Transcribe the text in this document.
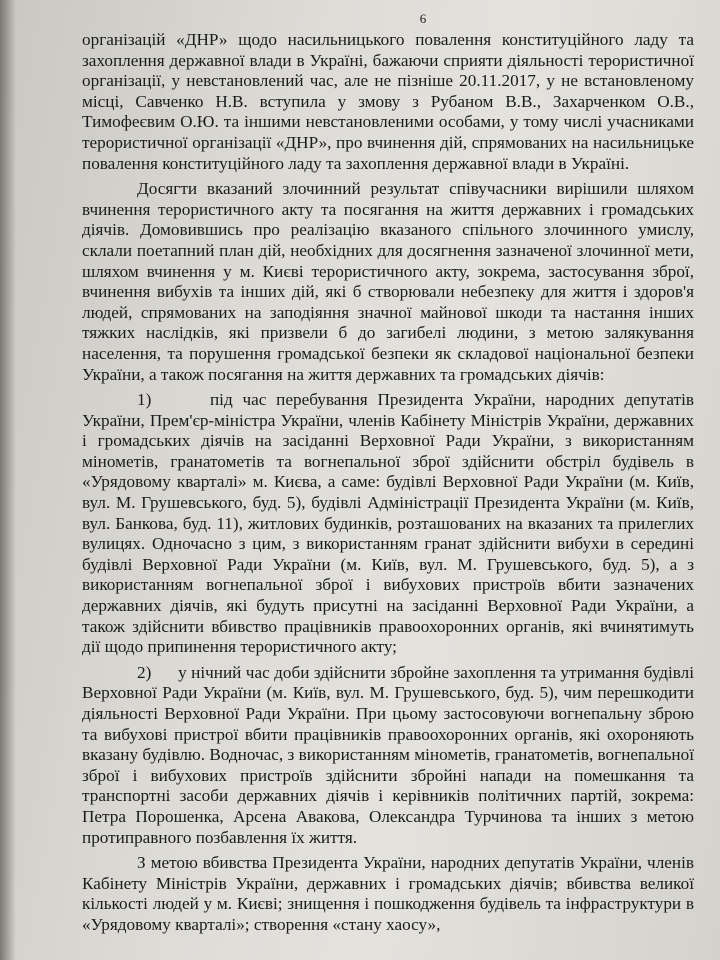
6

організацій «ДНР» щодо насильницького повалення конституційного ладу та захоплення державної влади в Україні, бажаючи сприяти діяльності терористичної організації, у невстановлений час, але не пізніше 20.11.2017, у не встановленому місці, Савченко Н.В. вступила у змову з Рубаном В.В., Захарченком О.В., Тимофеєвим О.Ю. та іншими невстановленими особами, у тому числі учасниками терористичної організації «ДНР», про вчинення дій, спрямованих на насильницьке повалення конституційного ладу та захоплення державної влади в Україні.

Досягти вказаний злочинний результат співучасники вирішили шляхом вчинення терористичного акту та посягання на життя державних і громадських діячів. Домовившись про реалізацію вказаного спільного злочинного умислу, склали поетапний план дій, необхідних для досягнення зазначеної злочинної мети, шляхом вчинення у м. Києві терористичного акту, зокрема, застосування зброї, вчинення вибухів та інших дій, які б створювали небезпеку для життя і здоров'я людей, спрямованих на заподіяння значної майнової шкоди та настання інших тяжких наслідків, які призвели б до загибелі людини, з метою залякування населення, та порушення громадської безпеки як складової національної безпеки України, а також посягання на життя державних та громадських діячів:

1)	під час перебування Президента України, народних депутатів України, Прем'єр-міністра України, членів Кабінету Міністрів України, державних і громадських діячів на засіданні Верховної Ради України, з використанням мінометів, гранатометів та вогнепальної зброї здійснити обстріл будівель в «Урядовому кварталі» м. Києва, а саме: будівлі Верховної Ради України (м. Київ, вул. М. Грушевського, буд. 5), будівлі Адміністрації Президента України (м. Київ, вул. Банкова, буд. 11), житлових будинків, розташованих на вказаних та прилеглих вулицях. Одночасно з цим, з використанням гранат здійснити вибухи в середині будівлі Верховної Ради України (м. Київ, вул. М. Грушевського, буд. 5), а з використанням вогнепальної зброї і вибухових пристроїв вбити зазначених державних діячів, які будуть присутні на засіданні Верховної Ради України, а також здійснити вбивство працівників правоохоронних органів, які вчинятимуть дії щодо припинення терористичного акту;

2) у нічний час доби здійснити збройне захоплення та утримання будівлі Верховної Ради України (м. Київ, вул. М. Грушевського, буд. 5), чим перешкодити діяльності Верховної Ради України. При цьому застосовуючи вогнепальну зброю та вибухові пристрої вбити працівників правоохоронних органів, які охороняють вказану будівлю. Водночас, з використанням мінометів, гранатометів, вогнепальної зброї і вибухових пристроїв здійснити збройні напади на помешкання та транспортні засоби державних діячів і керівників політичних партій, зокрема: Петра Порошенка, Арсена Авакова, Олександра Турчинова та інших з метою протиправного позбавлення їх життя.

З метою вбивства Президента України, народних депутатів України, членів Кабінету Міністрів України, державних і громадських діячів; вбивства великої кількості людей у м. Києві; знищення і пошкодження будівель та інфраструктури в «Урядовому кварталі»; створення «стану хаосу»,
